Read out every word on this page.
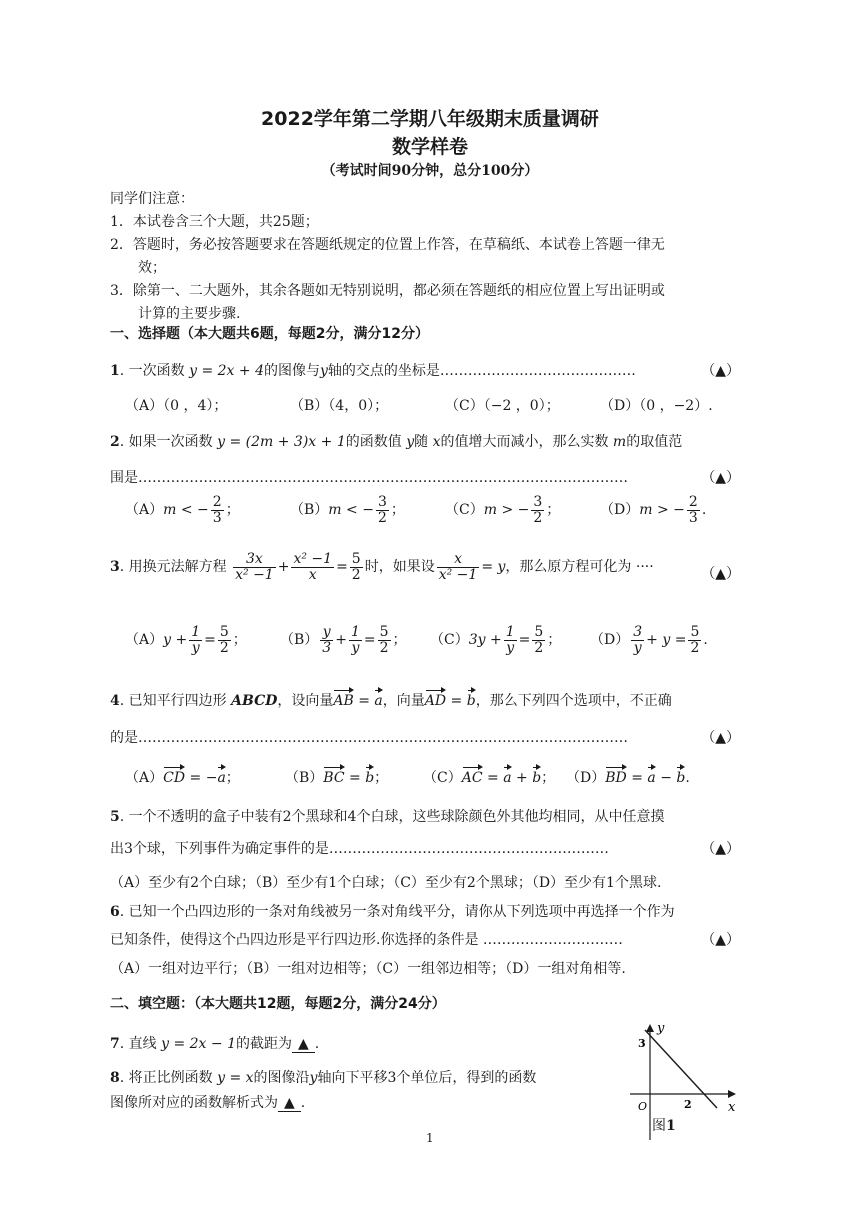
2022学年第二学期八年级期末质量调研
数学样卷
（考试时间90分钟，总分100分）
同学们注意：
1．本试卷含三个大题，共25题；
2．答题时，务必按答题要求在答题纸规定的位置上作答，在草稿纸、本试卷上答题一律无
效；
3．除第一、二大题外，其余各题如无特别说明，都必须在答题纸的相应位置上写出证明或
计算的主要步骤.
一、选择题（本大题共6题，每题2分，满分12分）
1. 一次函数 y = 2x + 4的图像与y轴的交点的坐标是……………………………………	（▲）
（A）（0 ，4）；	（B）（4，0）；	（C）（−2 ，0）；	（D）（0 ，−2）.
2. 如果一次函数 y = (2m + 3)x + 1的函数值 y随 x的值增大而减小，那么实数 m的取值范
围是……………………………………………………………………………………………	（▲）
（A）m < − $\frac{2}{3}$ ；	（B）m < − $\frac{3}{2}$ ；	（C）m > − $\frac{3}{2}$ ；	（D）m > − $\frac{2}{3}$ .
3. 用换元法解方程 $\frac{3x}{\text{x² −1}} + \frac{\text{x² −1}}{x} = \frac{5}{2}$ 时，如果设 $\frac{x}{\text{x² −1}} = y$，那么原方程可化为 ····	（▲）
$(A)y + \frac{1}{y} = \frac{5}{2}$ ； $(B) \frac{y}{3} + \frac{1}{y} = \frac{5}{2}$ ； $(C)3y + \frac{1}{y} = \frac{5}{2}$ ； $(D) \frac{3}{y} + y = \frac{5}{2}$ .
4. 已知平行四边形 ABCD，设向量AB = a，向量AD = b，那么下列四个选项中，不正确
的是……………………………………………………………………………………………	（▲）
（A）CD = −a；	（B）BC = b； （C）AC = a + b； （D）BD = a − b.
5. 一个不透明的盒子中装有2个黑球和4个白球，这些球除颜色外其他均相同，从中任意摸
出3个球，下列事件为确定事件的是……………………………………………………	（▲）
（A）至少有2个白球；（B）至少有1个白球；（C）至少有2个黑球；（D）至少有1个黑球.
6. 已知一个凸四边形的一条对角线被另一条对角线平分，请你从下列选项中再选择一个作为
已知条件，使得这个凸四边形是平行四边形.你选择的条件是 …………………………	（▲）
（A）一组对边平行；（B）一组对边相等；（C）一组邻边相等；（D）一组对角相等.
二、填空题：（本大题共12题，每题2分，满分24分）
7. 直线 y = 2x − 1的截距为 ▲ .
8. 将正比例函数 y = x的图像沿y轴向下平移3个单位后，得到的函数
图像所对应的函数解析式为 ▲ .
y
x
O
3
2
图1
1
